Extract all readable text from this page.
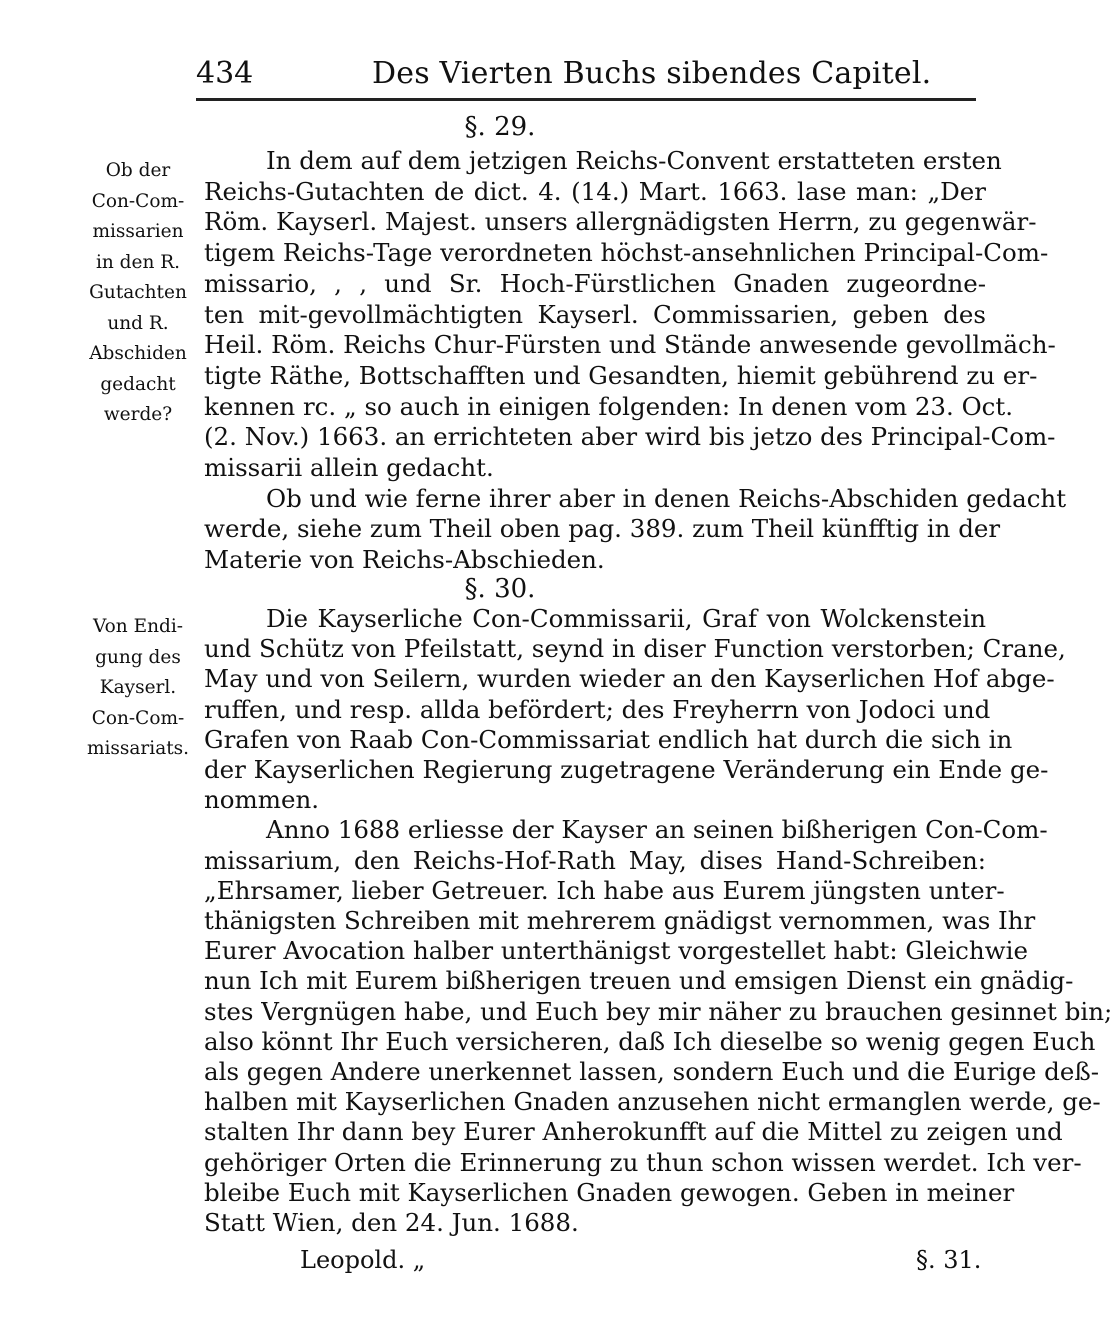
434	Des Vierten Buchs sibendes Capitel.
§. 29.
Ob der
Con-Com-
missarien
in den R.
Gutachten
und R.
Abschiden
gedacht
werde?
In dem auf dem jetzigen Reichs-Convent erstatteten ersten
Reichs-Gutachten de dict. 4. (14.) Mart. 1663. lase man: „Der
Röm. Kayserl. Majest. unsers allergnädigsten Herrn, zu gegenwär-
tigem Reichs-Tage verordneten höchst-ansehnlichen Principal-Com-
missario, , , und Sr. Hoch-Fürstlichen Gnaden zugeordne-
ten mit-gevollmächtigten Kayserl. Commissarien, geben des
Heil. Röm. Reichs Chur-Fürsten und Stände anwesende gevollmäch-
tigte Räthe, Bottschafften und Gesandten, hiemit gebührend zu er-
kennen rc. „ so auch in einigen folgenden: In denen vom 23. Oct.
(2. Nov.) 1663. an errichteten aber wird bis jetzo des Principal-Com-
missarii allein gedacht.
Ob und wie ferne ihrer aber in denen Reichs-Abschiden gedacht
werde, siehe zum Theil oben pag. 389. zum Theil künfftig in der
Materie von Reichs-Abschieden.
§. 30.
Von Endi-
gung des
Kayserl.
Con-Com-
missariats.
Die Kayserliche Con-Commissarii, Graf von Wolckenstein
und Schütz von Pfeilstatt, seynd in diser Function verstorben; Crane,
May und von Seilern, wurden wieder an den Kayserlichen Hof abge-
ruffen, und resp. allda befördert; des Freyherrn von Jodoci und
Grafen von Raab Con-Commissariat endlich hat durch die sich in
der Kayserlichen Regierung zugetragene Veränderung ein Ende ge-
nommen.
Anno 1688 erliesse der Kayser an seinen bißherigen Con-Com-
missarium, den Reichs-Hof-Rath May, dises Hand-Schreiben:
„Ehrsamer, lieber Getreuer. Ich habe aus Eurem jüngsten unter-
thänigsten Schreiben mit mehrerem gnädigst vernommen, was Ihr
Eurer Avocation halber unterthänigst vorgestellet habt: Gleichwie
nun Ich mit Eurem bißherigen treuen und emsigen Dienst ein gnädig-
stes Vergnügen habe, und Euch bey mir näher zu brauchen gesinnet bin;
also könnt Ihr Euch versicheren, daß Ich dieselbe so wenig gegen Euch
als gegen Andere unerkennet lassen, sondern Euch und die Eurige deß-
halben mit Kayserlichen Gnaden anzusehen nicht ermanglen werde, ge-
stalten Ihr dann bey Eurer Anherokunfft auf die Mittel zu zeigen und
gehöriger Orten die Erinnerung zu thun schon wissen werdet. Ich ver-
bleibe Euch mit Kayserlichen Gnaden gewogen. Geben in meiner
Statt Wien, den 24. Jun. 1688.
Leopold. „	§. 31.
